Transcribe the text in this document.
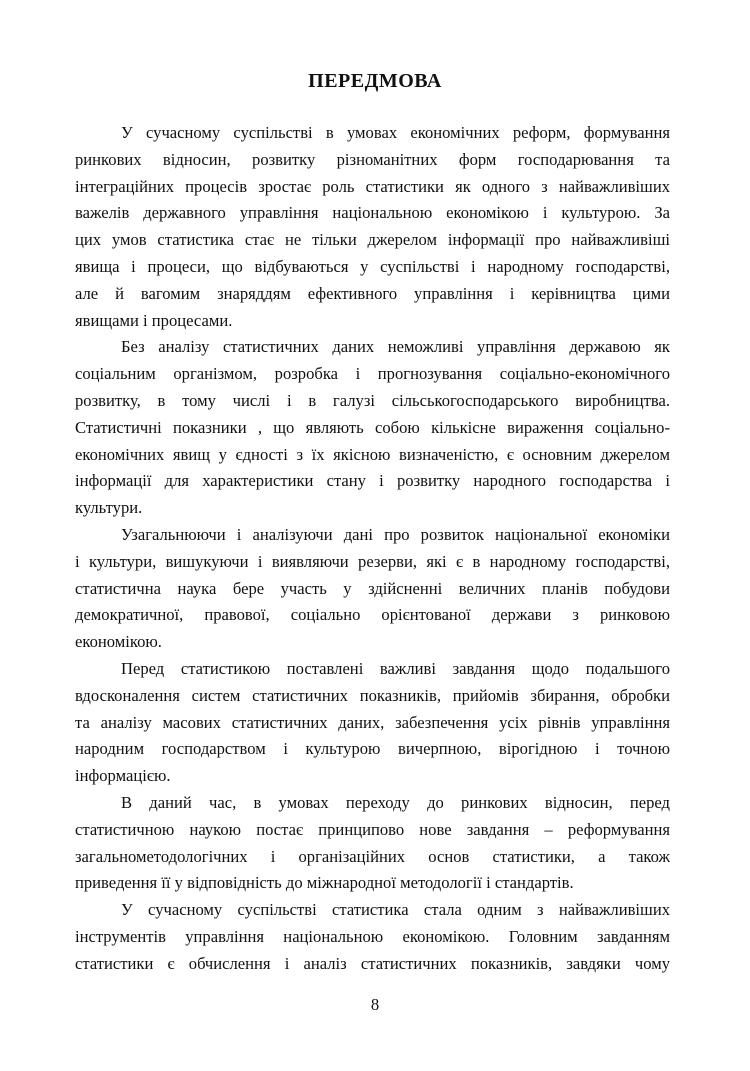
ПЕРЕДМОВА
У сучасному суспільстві в умовах економічних реформ, формування
ринкових відносин, розвитку різноманітних форм господарювання та
інтеграційних процесів зростає роль статистики як одного з найважливіших
важелів державного управління національною економікою і культурою. За
цих умов статистика стає не тільки джерелом інформації про найважливіші
явища і процеси, що відбуваються у суспільстві і народному господарстві,
але й вагомим знаряддям ефективного управління і керівництва цими
явищами і процесами.
Без аналізу статистичних даних неможливі управління державою як
соціальним організмом, розробка і прогнозування соціально-економічного
розвитку, в тому числі і в галузі сільськогосподарського виробництва.
Статистичні показники , що являють собою кількісне вираження соціально-
економічних явищ у єдності з їх якісною визначеністю, є основним джерелом
інформації для характеристики стану і розвитку народного господарства і
культури.
Узагальнюючи і аналізуючи дані про розвиток національної економіки
і культури, вишукуючи і виявляючи резерви, які є в народному господарстві,
статистична наука бере участь у здійсненні величних планів побудови
демократичної, правової, соціально орієнтованої держави з ринковою
економікою.
Перед статистикою поставлені важливі завдання щодо подальшого
вдосконалення систем статистичних показників, прийомів збирання, обробки
та аналізу масових статистичних даних, забезпечення усіх рівнів управління
народним господарством і культурою вичерпною, вірогідною і точною
інформацією.
В даний час, в умовах переходу до ринкових відносин, перед
статистичною наукою постає принципово нове завдання – реформування
загальнометодологічних і організаційних основ статистики, а також
приведення її у відповідність до міжнародної методології і стандартів.
У сучасному суспільстві статистика стала одним з найважливіших
інструментів управління національною економікою. Головним завданням
статистики є обчислення і аналіз статистичних показників, завдяки чому
8
